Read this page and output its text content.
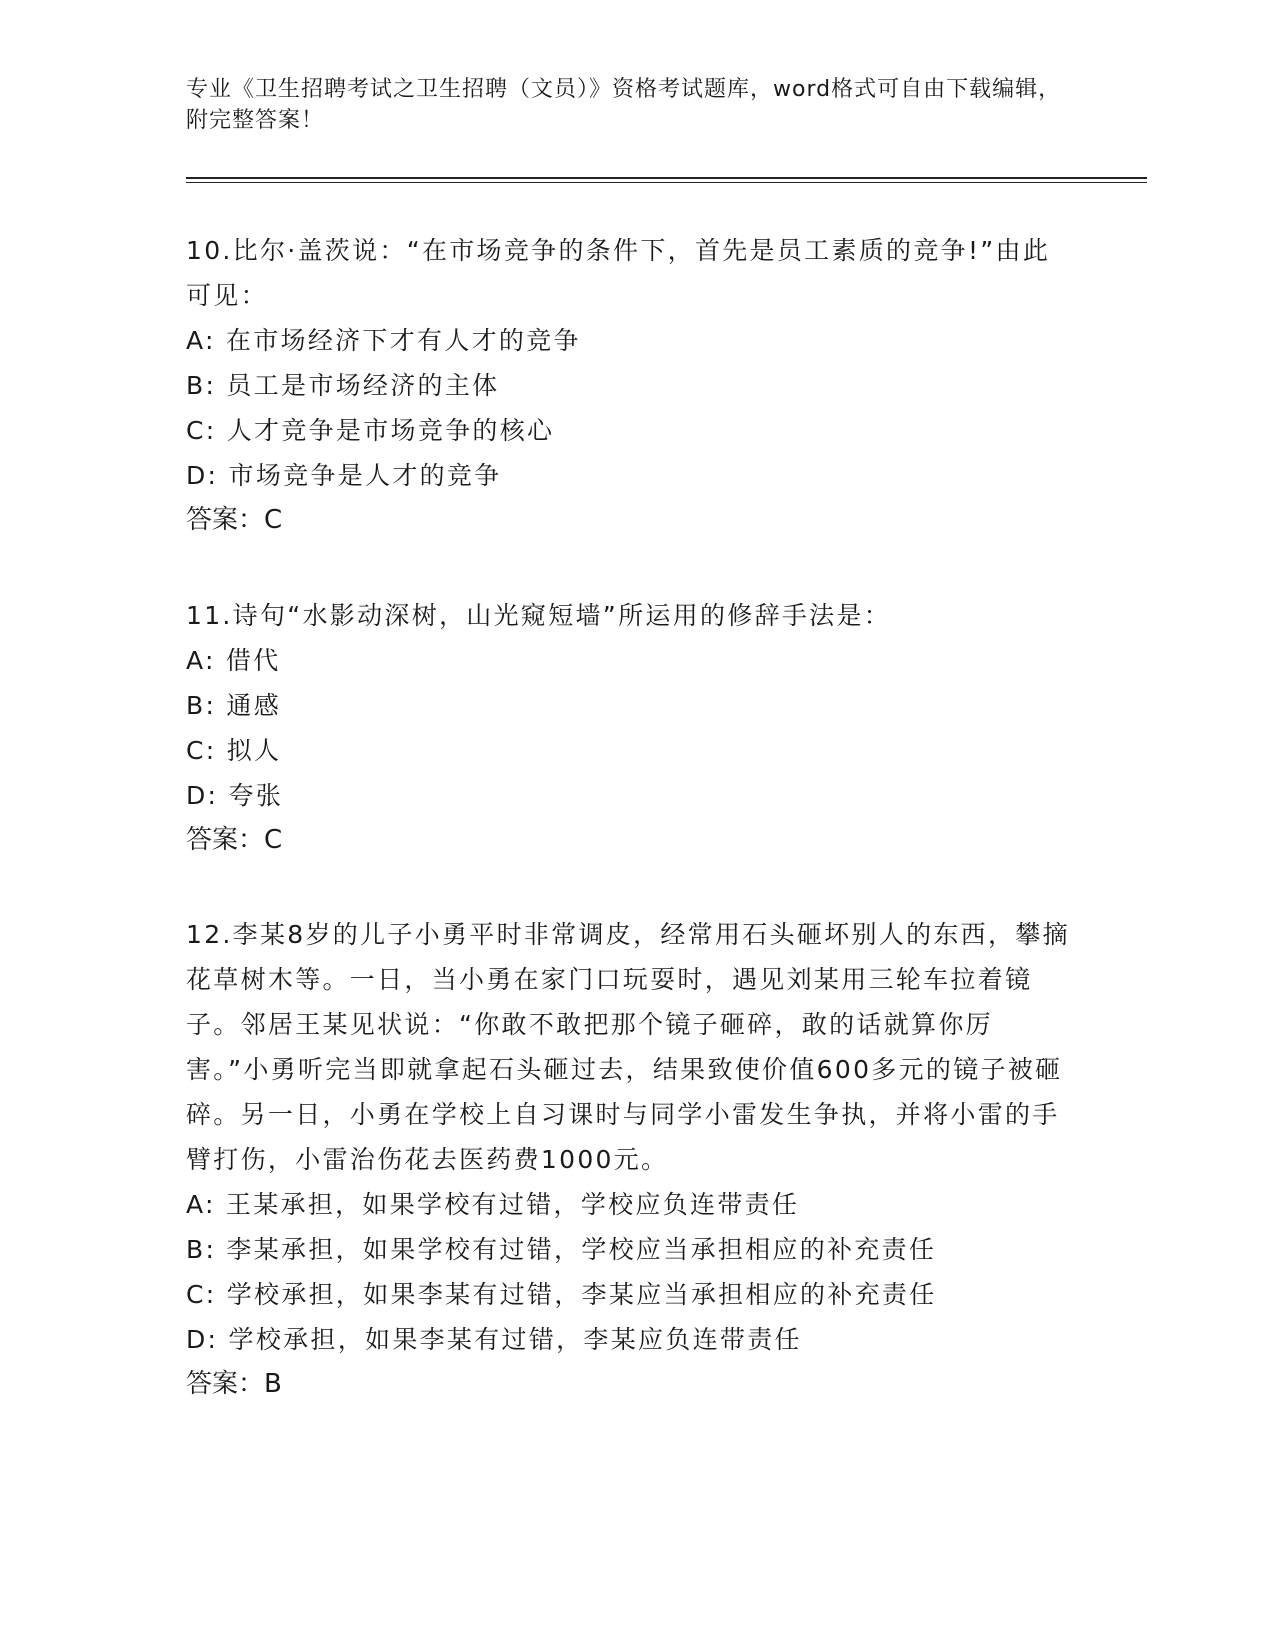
专业《卫生招聘考试之卫生招聘（文员）》资格考试题库，word格式可自由下载编辑，附完整答案！

10.比尔·盖茨说：“在市场竞争的条件下，首先是员工素质的竞争!”由此可见：

A: 在市场经济下才有人才的竞争

B: 员工是市场经济的主体

C: 人才竞争是市场竞争的核心

D: 市场竞争是人才的竞争

答案：C

11.诗句“水影动深树，山光窥短墙”所运用的修辞手法是：

A: 借代

B: 通感

C: 拟人

D: 夸张

答案：C

12.李某8岁的儿子小勇平时非常调皮，经常用石头砸坏别人的东西，攀摘花草树木等。一日，当小勇在家门口玩耍时，遇见刘某用三轮车拉着镜子。邻居王某见状说：“你敢不敢把那个镜子砸碎，敢的话就算你厉害。”小勇听完当即就拿起石头砸过去，结果致使价值600多元的镜子被砸碎。另一日，小勇在学校上自习课时与同学小雷发生争执，并将小雷的手臂打伤，小雷治伤花去医药费1000元。

A: 王某承担，如果学校有过错，学校应负连带责任

B: 李某承担，如果学校有过错，学校应当承担相应的补充责任

C: 学校承担，如果李某有过错，李某应当承担相应的补充责任

D: 学校承担，如果李某有过错，李某应负连带责任

答案：B
